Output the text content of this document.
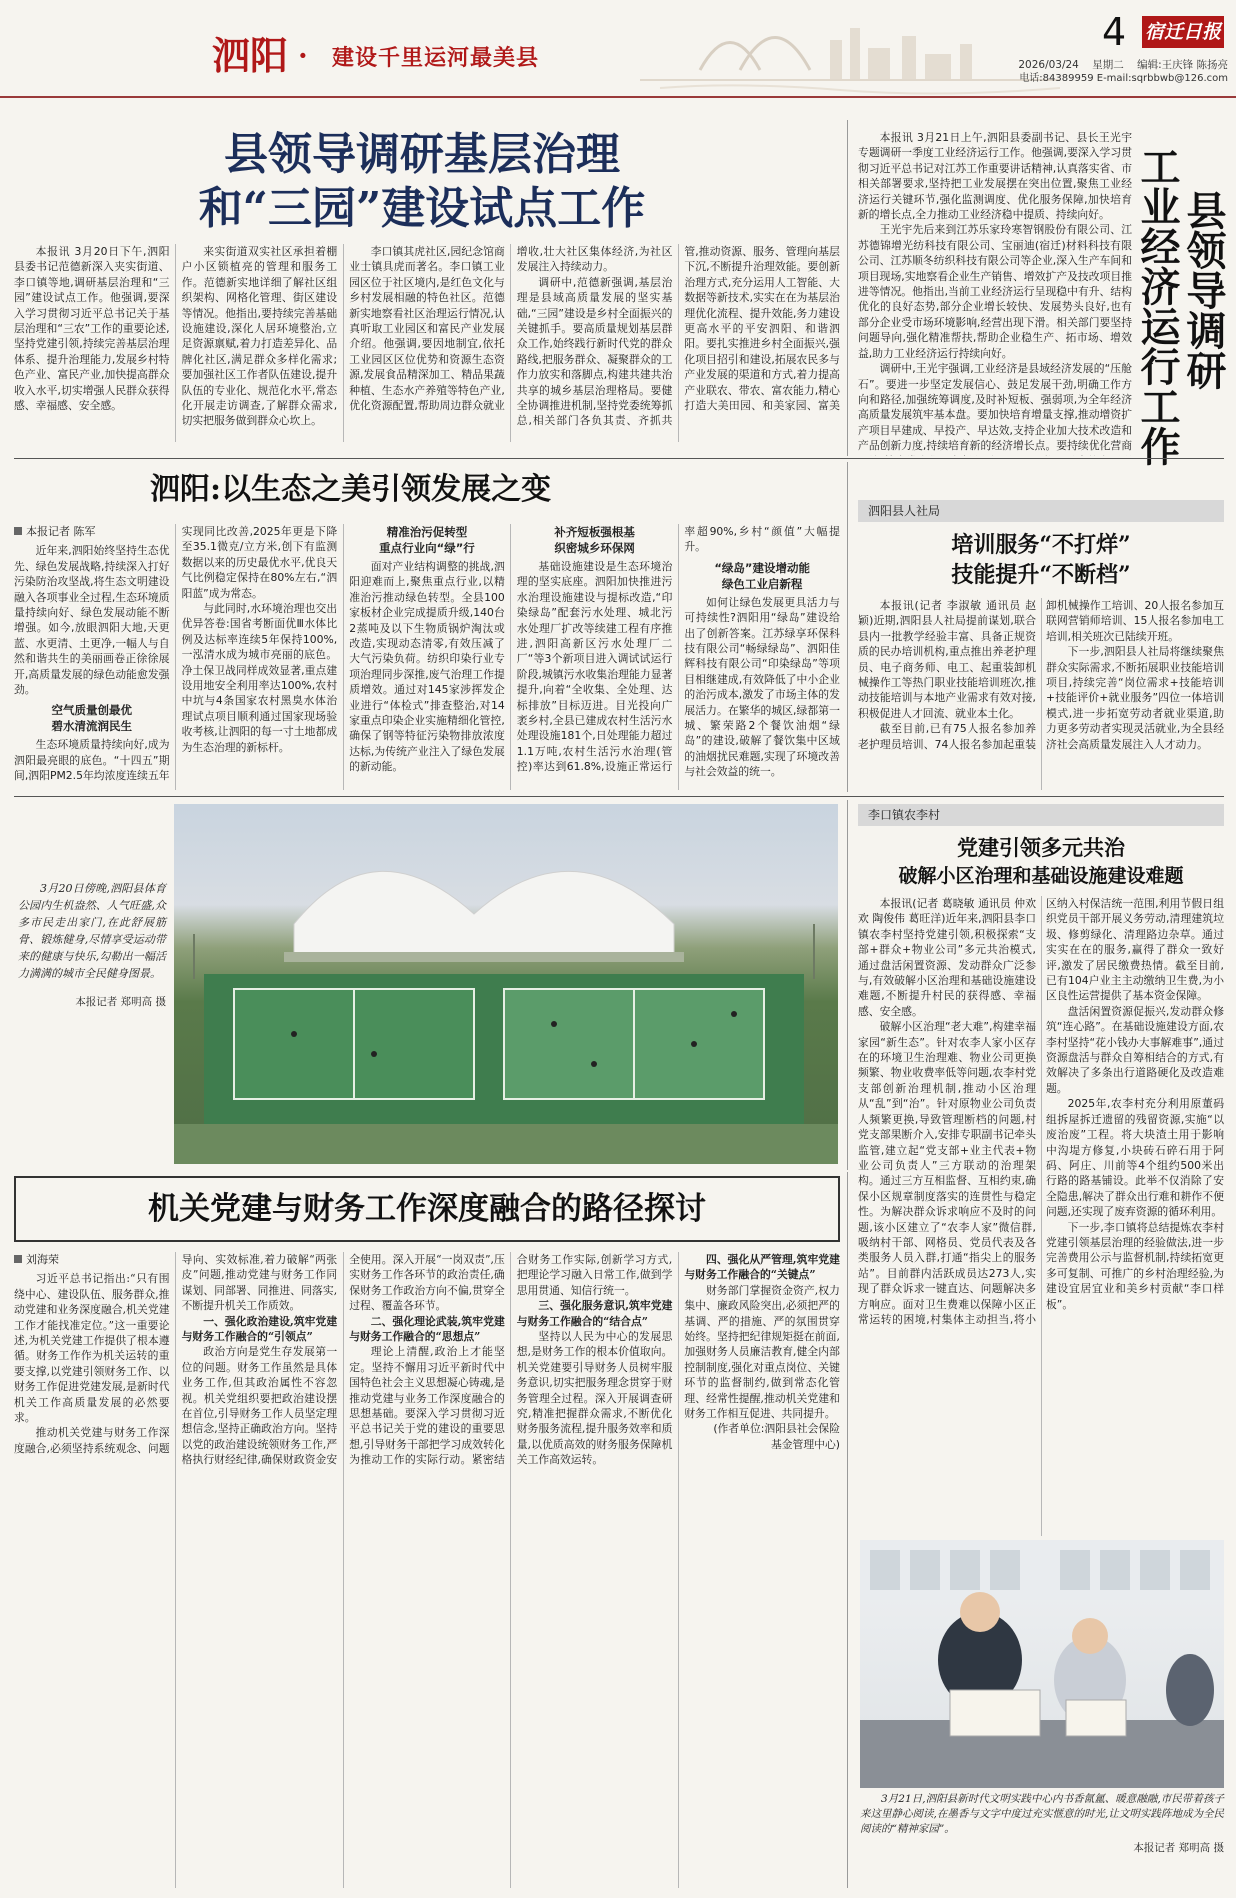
泗阳 · 建设千里运河最美县
4 宿迁日报
2026/03/24 星期二 编辑:王庆锋 陈扬亮
电话:84389959 E-mail:sqrbbwb@126.com
县领导调研基层治理
和“三园”建设试点工作

本报讯 3月20日下午,泗阳县委书记范德新深入夹实街道、李口镇等地,调研基层治理和“三园”建设试点工作。他强调,要深入学习贯彻习近平总书记关于基层治理和“三农”工作的重要论述,坚持党建引领,持续完善基层治理体系、提升治理能力,发展乡村特色产业、富民产业,加快提高群众收入水平,切实增强人民群众获得感、幸福感、安全感。

来实街道双实社区承担着棚户小区锁植亮的管理和服务工作。范德新实地详细了解社区组织架构、网格化管理、街区建设等情况。他指出,要持续完善基础设施建设,深化人居环境整治,立足资源禀赋,着力打造差异化、品牌化社区,满足群众多样化需求;要加强社区工作者队伍建设,提升队伍的专业化、规范化水平,常态化开展走访调查,了解群众需求,切实把服务做到群众心坎上。

李口镇其虎社区,园纪念馆商业士镇具虎而著名。李口镇工业园区位于社区境内,是红色文化与乡村发展相融的特色社区。范德新实地察看社区治理运行情况,认真听取工业园区和富民产业发展介绍。他强调,要因地制宜,依托工业园区区位优势和资源生态资源,发展食品精深加工、精品果蔬种植、生态水产养殖等特色产业,优化资源配置,帮助周边群众就业增收,壮大社区集体经济,为社区发展注入持续动力。

调研中,范德新强调,基层治理是县域高质量发展的坚实基础,“三园”建设是乡村全面振兴的关键抓手。要高质量规划基层群众工作,始终践行新时代党的群众路线,把服务群众、凝聚群众的工作力放实和落脚点,构建共建共治共享的城乡基层治理格局。要健全协调推进机制,坚持党委统筹抓总,相关部门各负其责、齐抓共管,推动资源、服务、管理向基层下沉,不断提升治理效能。要创新治理方式,充分运用人工智能、大数据等新技术,实实在在为基层治理优化流程、提升效能,务力建设更高水平的平安泗阳、和谐泗阳。要扎实推进乡村全面振兴,强化项目招引和建设,拓展农民多与产业发展的渠道和方式,着力提高产业联农、带农、富农能力,精心打造大美田园、和美家园、富美

本报讯 3月21日上午,泗阳县委副书记、县长王光宇专题调研一季度工业经济运行工作。他强调,要深入学习贯彻习近平总书记对江苏工作重要讲话精神,认真落实省、市相关部署要求,坚持把工业发展摆在突出位置,聚焦工业经济运行关键环节,强化监测调度、优化服务保障,加快培育新的增长点,全力推动工业经济稳中提质、持续向好。

王光宇先后来到江苏乐家玲寒智钢股份有限公司、江苏德锦增光纺科技有限公司、宝丽迪(宿迁)材料科技有限公司、江苏顺冬纺织科技有限公司等企业,深入生产车间和项目现场,实地察看企业生产销售、增效扩产及技改项目推进等情况。他指出,当前工业经济运行呈现稳中有升、结构优化的良好态势,部分企业增长较快、发展势头良好,也有部分企业受市场环境影响,经营出现下滑。相关部门要坚持问题导向,强化精准帮扶,帮助企业稳生产、拓市场、增效益,助力工业经济运行持续向好。

调研中,王光宇强调,工业经济是县域经济发展的“压舱石”。要进一步坚定发展信心、鼓足发展干劲,明确工作方向和路径,加强统筹调度,及时补短板、强弱项,为全年经济高质量发展筑牢基本盘。要加快培育增量支撑,推动增资扩产项目早建成、早投产、早达效,支持企业加大技术改造和产品创新力度,持续培育新的经济增长点。要持续优化营商

县领导调研
工业经济运行工作
泗阳:以生态之美引领发展之变
本报记者 陈军

近年来,泗阳始终坚持生态优先、绿色发展战略,持续深入打好污染防治攻坚战,将生态文明建设融入各项事业全过程,生态环境质量持续向好、绿色发展动能不断增强。如今,放眼泗阳大地,天更蓝、水更清、土更净,一幅人与自然和谐共生的美丽画卷正徐徐展开,高质量发展的绿色动能愈发强劲。

空气质量创最优
碧水清流润民生

生态环境质量持续向好,成为泗阳最亮眼的底色。“十四五”期间,泗阳PM2.5年均浓度连续五年实现同比改善,2025年更是下降至35.1微克/立方米,创下有监测数据以来的历史最优水平,优良天气比例稳定保持在80%左右,“泗阳蓝”成为常态。

与此同时,水环境治理也交出优异答卷:国省考断面优Ⅲ水体比例及达标率连续5年保持100%,一泓清水成为城市亮丽的底色。净土保卫战同样成效显著,重点建设用地安全利用率达100%,农村中坑与4条国家农村黑臭水体治理试点项目顺利通过国家现场验收考核,让泗阳的每一寸土地都成为生态治理的新标杆。

精准治污促转型
重点行业向“绿”行

面对产业结构调整的挑战,泗阳迎难而上,聚焦重点行业,以精准治污推动绿色转型。全县100家板材企业完成提质升级,140台2蒸吨及以下生物质锅炉淘汰或改造,实现动态清零,有效压减了大气污染负荷。纺织印染行业专项治理同步深推,废气治理工作提质增效。通过对145家涉挥发企业进行“体检式”排查整治,对14家重点印染企业实施精细化管控,确保了钢等特征污染物排放浓度达标,为传统产业注入了绿色发展的新动能。

补齐短板强根基
织密城乡环保网

基础设施建设是生态环境治理的坚实底座。泗阳加快推进污水治理设施建设与提标改造,“印染绿岛”配套污水处理、城北污水处理厂扩改等续建工程有序推进,泗阳高新区污水处理厂二厂“等3个新项目进入调试试运行阶段,城镇污水收集治理能力显著提升,向着“全收集、全处理、达标排放”目标迈进。目光投向广袤乡村,全县已建成农村生活污水处理设施181个,日处理能力超过1.1万吨,农村生活污水治理(管控)率达到61.8%,设施正常运行率超90%,乡村“颜值”大幅提升。

“绿岛”建设增动能
绿色工业启新程

如何让绿色发展更具活力与可持续性?泗阳用“绿岛”建设给出了创新答案。江苏绿享环保科技有限公司“畅绿绿岛”、泗阳佳辉科技有限公司“印染绿岛”等项目相继建成,有效降低了中小企业的治污成本,激发了市场主体的发展活力。在繁华的城区,绿都第一城、繁荣路2个餐饮油烟“绿岛”的建设,破解了餐饮集中区域的油烟扰民难题,实现了环境改善与社会效益的统一。

泗阳县人社局
培训服务“不打烊”
技能提升“不断档”

本报讯(记者 李淑敏 通讯员 赵颖)近期,泗阳县人社局提前谋划,联合县内一批教学经验丰富、具备正规资质的民办培训机构,重点推出养老护理员、电子商务师、电工、起重装卸机械操作工等热门职业技能培训班次,推动技能培训与本地产业需求有效对接,积极促进人才回流、就业本土化。

截至目前,已有75人报名参加养老护理员培训、74人报名参加起重装卸机械操作工培训、20人报名参加互联网营销师培训、15人报名参加电工培训,相关班次已陆续开班。

下一步,泗阳县人社局将继续聚焦群众实际需求,不断拓展职业技能培训项目,持续完善“岗位需求+技能培训+技能评价+就业服务”四位一体培训模式,进一步拓宽劳动者就业渠道,助力更多劳动者实现灵活就业,为全县经济社会高质量发展注入人才动力。

3月20日傍晚,泗阳县体育公园内生机盎然、人气旺盛,众多市民走出家门,在此舒展筋骨、锻炼健身,尽情享受运动带来的健康与快乐,勾勒出一幅活力满满的城市全民健身图景。
本报记者 郑明高 摄
李口镇农李村
党建引领多元共治
破解小区治理和基础设施建设难题

本报讯(记者 葛晓敏 通讯员 仲欢欢 陶俊伟 葛旺洋)近年来,泗阳县李口镇农李村坚持党建引领,积极探索“支部+群众+物业公司”多元共治模式,通过盘活闲置资源、发动群众广泛参与,有效破解小区治理和基础设施建设难题,不断提升村民的获得感、幸福感、安全感。

破解小区治理“老大难”,构建幸福家园“新生态”。针对农李人家小区存在的环境卫生治理难、物业公司更换频繁、物业收费率低等问题,农李村党支部创新治理机制,推动小区治理从“乱”到“治”。针对原物业公司负责人频繁更换,导致管理断档的问题,村党支部果断介入,安排专职副书记牵头监管,建立起“党支部+业主代表+物业公司负责人”三方联动的治理架构。通过三方互相监督、互相约束,确保小区规章制度落实的连贯性与稳定性。为解决群众诉求响应不及时的问题,该小区建立了“农李人家”微信群,吸纳村干部、网格员、党员代表及各类服务人员入群,打通“指尖上的服务站”。目前群内活跃成员达273人,实现了群众诉求一键直达、问题解决多方响应。面对卫生费难以保障小区正常运转的困境,村集体主动担当,将小区纳入村保洁统一范围,利用节假日组织党员干部开展义务劳动,清理建筑垃圾、修剪绿化、清理路边杂草。通过实实在在的服务,赢得了群众一致好评,激发了居民缴费热情。截至目前,已有104户业主主动缴纳卫生费,为小区良性运营提供了基本资金保障。

盘活闲置资源促振兴,发动群众修筑“连心路”。在基础设施建设方面,农李村坚持“花小钱办大事解难事”,通过资源盘活与群众自筹相结合的方式,有效解决了多条出行道路硬化及改造难题。

2025年,农李村充分利用原董码组拆屋拆迁遗留的残留资源,实施“以废治废”工程。将大块渣土用于影响中沟堤方修复,小块砖石碎石用于阿码、阿庄、川前等4个组约500米出行路的路基铺设。此举不仅消除了安全隐患,解决了群众出行难和耕作不便问题,还实现了废弃资源的循环利用。

下一步,李口镇将总结提炼农李村党建引领基层治理的经验做法,进一步完善费用公示与监督机制,持续拓宽更多可复制、可推广的乡村治理经验,为建设宜居宜业和美乡村贡献“李口样板”。

机关党建与财务工作深度融合的路径探讨
刘海荣

习近平总书记指出:“只有围绕中心、建设队伍、服务群众,推动党建和业务深度融合,机关党建工作才能找准定位。”这一重要论述,为机关党建工作提供了根本遵循。财务工作作为机关运转的重要支撑,以党建引领财务工作、以财务工作促进党建发展,是新时代机关工作高质量发展的必然要求。

推动机关党建与财务工作深度融合,必须坚持系统观念、问题导向、实效标准,着力破解“两张皮”问题,推动党建与财务工作同谋划、同部署、同推进、同落实,不断提升机关工作质效。

一、强化政治建设,筑牢党建与财务工作融合的“引领点”

政治方向是党生存发展第一位的问题。财务工作虽然是具体业务工作,但其政治属性不容忽视。机关党组织要把政治建设摆在首位,引导财务工作人员坚定理想信念,坚持正确政治方向。坚持以党的政治建设统领财务工作,严格执行财经纪律,确保财政资金安全使用。深入开展“一岗双责”,压实财务工作各环节的政治责任,确保财务工作政治方向不偏,贯穿全过程、覆盖各环节。

二、强化理论武装,筑牢党建与财务工作融合的“思想点”

理论上清醒,政治上才能坚定。坚持不懈用习近平新时代中国特色社会主义思想凝心铸魂,是推动党建与业务工作深度融合的思想基础。要深入学习贯彻习近平总书记关于党的建设的重要思想,引导财务干部把学习成效转化为推动工作的实际行动。紧密结合财务工作实际,创新学习方式,把理论学习融入日常工作,做到学思用贯通、知信行统一。

三、强化服务意识,筑牢党建与财务工作融合的“结合点”

坚持以人民为中心的发展思想,是财务工作的根本价值取向。机关党建要引导财务人员树牢服务意识,切实把服务理念贯穿于财务管理全过程。深入开展调查研究,精准把握群众需求,不断优化财务服务流程,提升服务效率和质量,以优质高效的财务服务保障机关工作高效运转。

四、强化从严管理,筑牢党建与财务工作融合的“关键点”

财务部门掌握资金资产,权力集中、廉政风险突出,必须把严的基调、严的措施、严的氛围贯穿始终。坚持把纪律规矩挺在前面,加强财务人员廉洁教育,健全内部控制制度,强化对重点岗位、关键环节的监督制约,做到常态化管理、经常性提醒,推动机关党建和财务工作相互促进、共同提升。

(作者单位:泗阳县社会保险基金管理中心)

3月21日,泗阳县新时代文明实践中心内书香氤氲、暖意融融,市民带着孩子来这里静心阅读,在墨香与文字中度过充实惬意的时光,让文明实践阵地成为全民阅读的“精神家园”。
本报记者 郑明高 摄
